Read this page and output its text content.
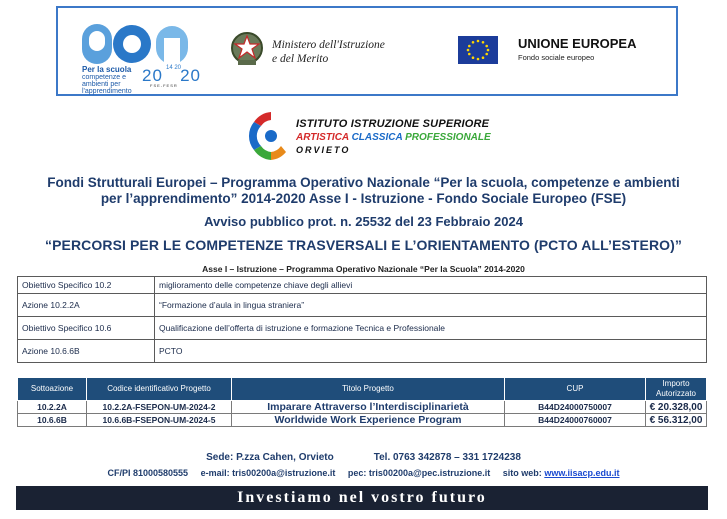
Per la scuola
competenze e ambienti per l'apprendimento
20 20
14 20
FSE-FESR
Ministero dell'Istruzione
e del Merito
UNIONE EUROPEA
Fondo sociale europeo
ISTITUTO ISTRUZIONE SUPERIORE
ARTISTICA CLASSICA PROFESSIONALE
ORVIETO
Fondi Strutturali Europei – Programma Operativo Nazionale “Per la scuola, competenze e ambienti
per l’apprendimento” 2014-2020 Asse I - Istruzione - Fondo Sociale Europeo (FSE)
Avviso pubblico prot. n. 25532 del 23 Febbraio 2024
“PERCORSI PER LE COMPETENZE TRASVERSALI E L’ORIENTAMENTO (PCTO ALL’ESTERO)”
Asse I – Istruzione – Programma Operativo Nazionale “Per la Scuola” 2014-2020
Obiettivo Specifico 10.2	miglioramento delle competenze chiave degli allievi
Azione 10.2.2A	“Formazione d’aula in lingua straniera”
Obiettivo Specifico 10.6	Qualificazione dell’offerta di istruzione e formazione Tecnica e Professionale
Azione 10.6.6B	PCTO
Sottoazione	Codice identificativo Progetto	Titolo Progetto	CUP	Importo Autorizzato
10.2.2A	10.2.2A-FSEPON-UM-2024-2	Imparare Attraverso l’Interdisciplinarietà	B44D24000750007	€ 20.328,00
10.6.6B	10.6.6B-FSEPON-UM-2024-5	Worldwide Work Experience Program	B44D24000760007	€ 56.312,00
Sede: P.zza Cahen, Orvieto	Tel. 0763 342878 – 331 1724238
CF/PI 81000580555 e-mail: tris00200a@istruzione.it pec: tris00200a@pec.istruzione.it sito web: www.iisacp.edu.it
Investiamo nel vostro futuro
